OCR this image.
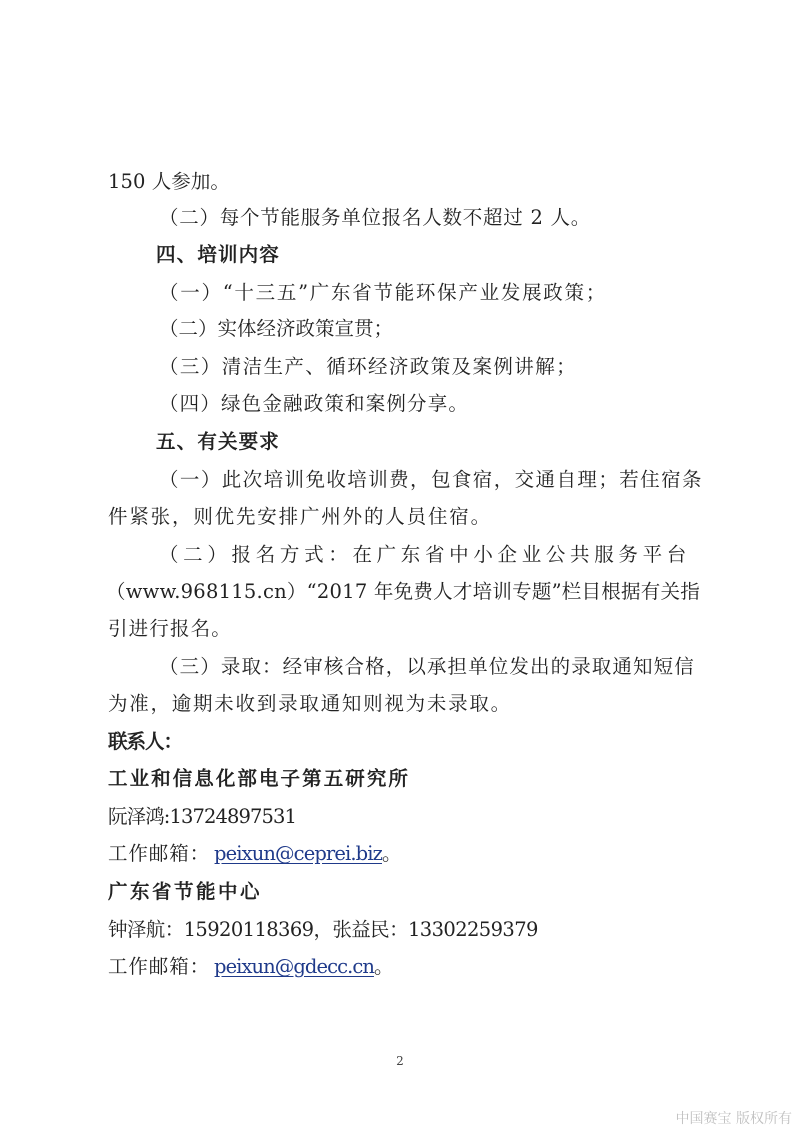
150 人参加。
（二）每个节能服务单位报名人数不超过 2 人。
四、培训内容
（一）“十三五”广东省节能环保产业发展政策；
（二）实体经济政策宣贯；
（三）清洁生产、循环经济政策及案例讲解；
（四）绿色金融政策和案例分享。
五、有关要求
（一）此次培训免收培训费，包食宿，交通自理；若住宿条
件紧张，则优先安排广州外的人员住宿。
（二）报名方式：在广东省中小企业公共服务平台
（www.968115.cn）“2017 年免费人才培训专题”栏目根据有关指
引进行报名。
（三）录取：经审核合格，以承担单位发出的录取通知短信
为准，逾期未收到录取通知则视为未录取。
联系人：
工业和信息化部电子第五研究所
阮泽鸿:13724897531
工作邮箱： peixun@ceprei.biz。
广东省节能中心
钟泽航：15920118369，张益民：13302259379
工作邮箱： peixun@gdecc.cn。
2
中国赛宝 版权所有
